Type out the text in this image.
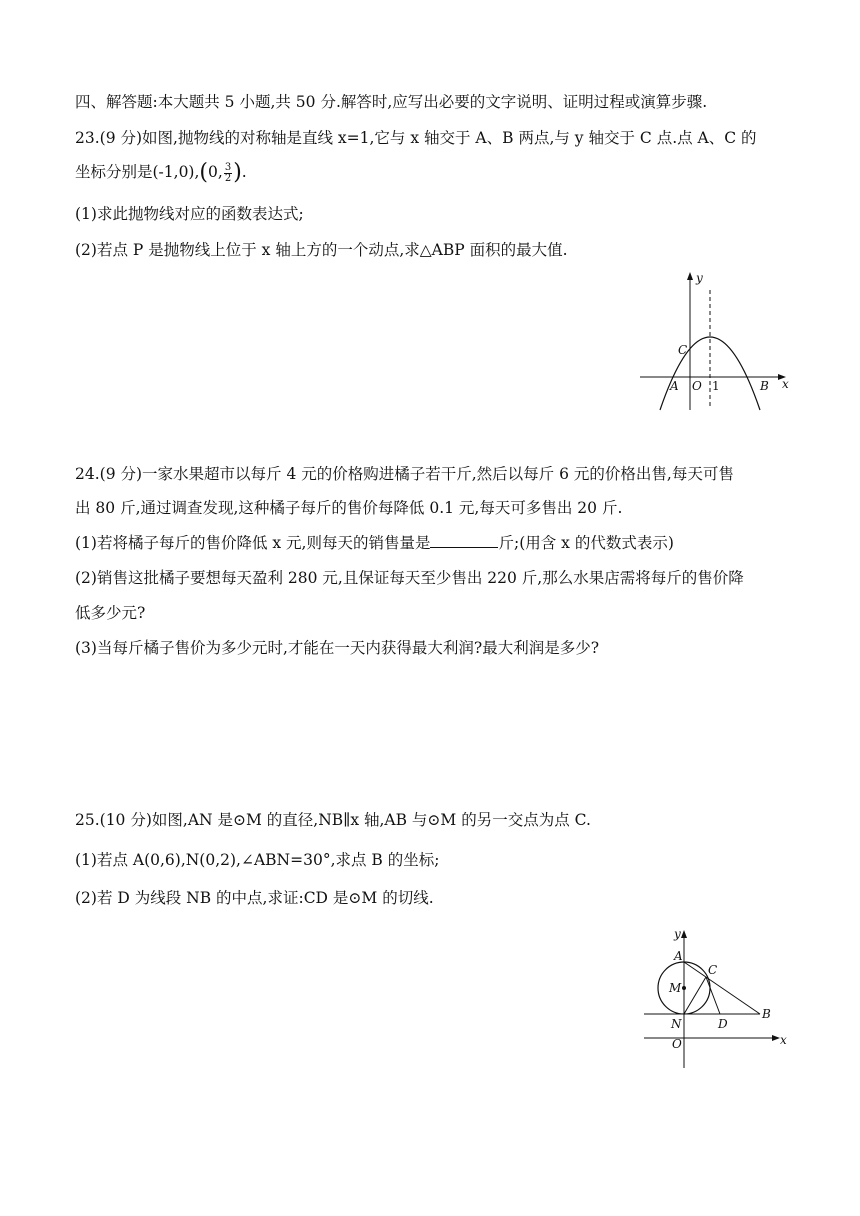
四、解答题:本大题共 5 小题,共 50 分.解答时,应写出必要的文字说明、证明过程或演算步骤.
23.(9 分)如图,抛物线的对称轴是直线 x=1,它与 x 轴交于 A、B 两点,与 y 轴交于 C 点.点 A、C 的
坐标分别是(-1,0),(0, $\frac{3}{2}$ ).
(1)求此抛物线对应的函数表达式;
(2)若点 P 是抛物线上位于 x 轴上方的一个动点,求△ABP 面积的最大值.
y
x
C
A O 1	B
24.(9 分)一家水果超市以每斤 4 元的价格购进橘子若干斤,然后以每斤 6 元的价格出售,每天可售
出 80 斤,通过调查发现,这种橘子每斤的售价每降低 0.1 元,每天可多售出 20 斤.
(1)若将橘子每斤的售价降低 x 元,则每天的销售量是	斤;(用含 x 的代数式表示)
(2)销售这批橘子要想每天盈利 280 元,且保证每天至少售出 220 斤,那么水果店需将每斤的售价降
低多少元?
(3)当每斤橘子售价为多少元时,才能在一天内获得最大利润?最大利润是多少?
25.(10 分)如图,AN 是⊙M 的直径,NB∥x 轴,AB 与⊙M 的另一交点为点 C.
(1)若点 A(0,6),N(0,2),∠ABN=30°,求点 B 的坐标;
(2)若 D 为线段 NB 的中点,求证:CD 是⊙M 的切线.
y
A
C
M
B
N	D
O	x
